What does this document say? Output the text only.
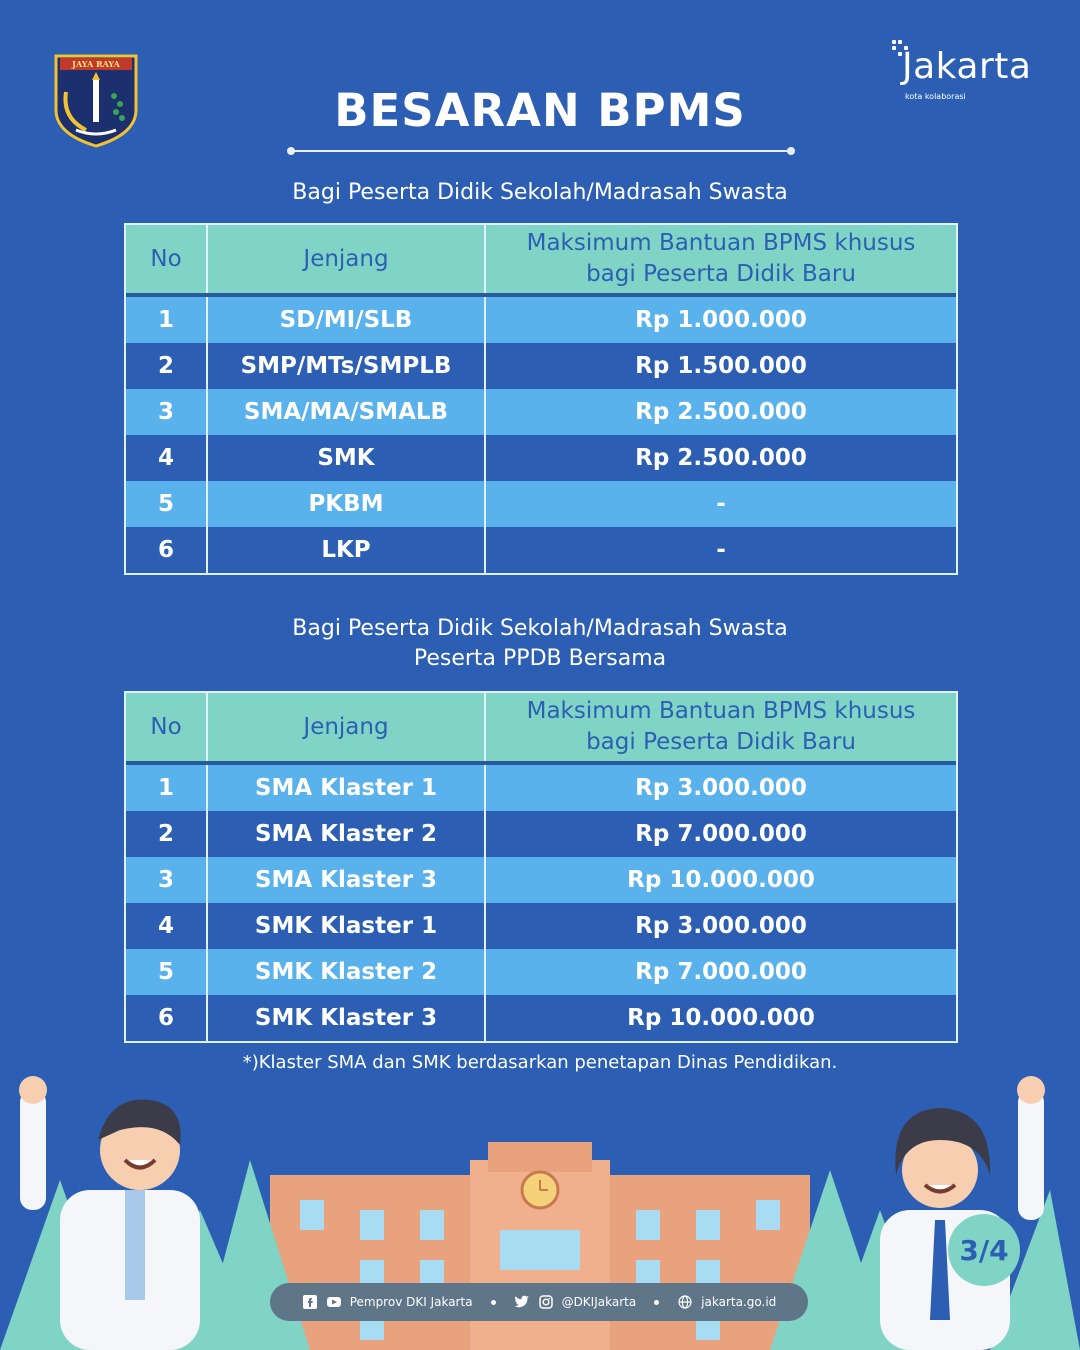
JAYA RAYA	Jakarta
kota kolaborasi
BESARAN BPMS
Bagi Peserta Didik Sekolah/Madrasah Swasta
No	Jenjang
Maksimum Bantuan BPMS khusus
bagi Peserta Didik Baru
1	SD/MI/SLB	Rp 1.000.000
2	SMP/MTs/SMPLB	Rp 1.500.000
3	SMA/MA/SMALB	Rp 2.500.000
4	SMK	Rp 2.500.000
5	PKBM	-
6	LKP	-
Bagi Peserta Didik Sekolah/Madrasah Swasta
Peserta PPDB Bersama
No	Jenjang
Maksimum Bantuan BPMS khusus
bagi Peserta Didik Baru
1	SMA Klaster 1	Rp 3.000.000
2	SMA Klaster 2	Rp 7.000.000
3	SMA Klaster 3	Rp 10.000.000
4	SMK Klaster 1	Rp 3.000.000
5	SMK Klaster 2	Rp 7.000.000
6	SMK Klaster 3	Rp 10.000.000
*)Klaster SMA dan SMK berdasarkan penetapan Dinas Pendidikan.
3/4
Pemprov DKI Jakarta	@DKIJakarta	jakarta.go.id
